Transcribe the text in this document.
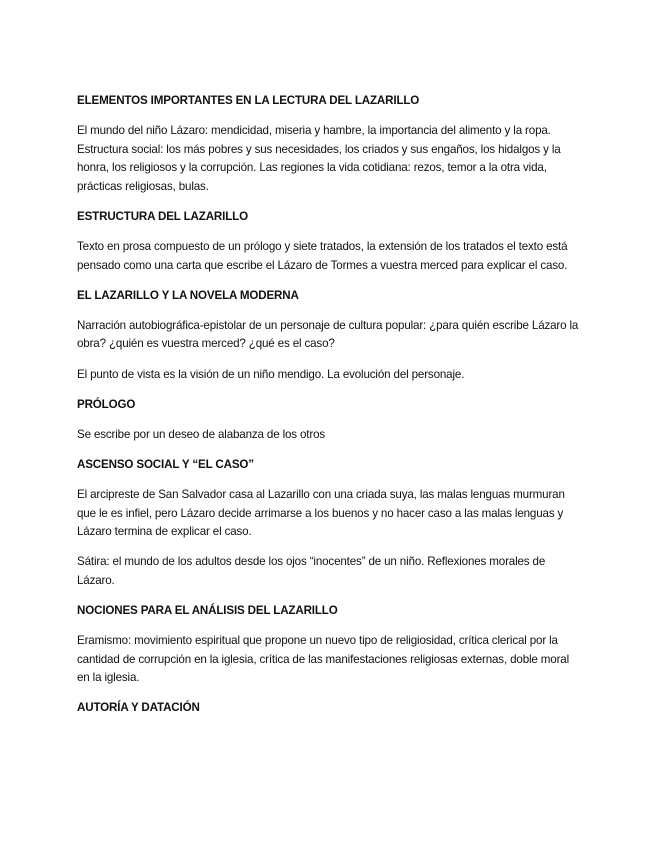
ELEMENTOS IMPORTANTES EN LA LECTURA DEL LAZARILLO

El mundo del niño Lázaro: mendicidad, miseria y hambre, la importancia del alimento y la ropa. Estructura social: los más pobres y sus necesidades, los criados y sus engaños, los hidalgos y la honra, los religiosos y la corrupción. Las regiones la vida cotidiana: rezos, temor a la otra vida, prácticas religiosas, bulas.

ESTRUCTURA DEL LAZARILLO

Texto en prosa compuesto de un prólogo y siete tratados, la extensión de los tratados el texto está pensado como una carta que escribe el Lázaro de Tormes a vuestra merced para explicar el caso.

EL LAZARILLO Y LA NOVELA MODERNA

Narración autobiográfica-epistolar de un personaje de cultura popular: ¿para quién escribe Lázaro la obra? ¿quién es vuestra merced? ¿qué es el caso?

El punto de vista es la visión de un niño mendigo. La evolución del personaje.

PRÓLOGO

Se escribe por un deseo de alabanza de los otros

ASCENSO SOCIAL Y “EL CASO”

El arcipreste de San Salvador casa al Lazarillo con una criada suya, las malas lenguas murmuran que le es infiel, pero Lázaro decide arrimarse a los buenos y no hacer caso a las malas lenguas y Lázaro termina de explicar el caso.

Sátira: el mundo de los adultos desde los ojos “inocentes” de un niño. Reflexiones morales de Lázaro.

NOCIONES PARA EL ANÁLISIS DEL LAZARILLO

Eramismo: movimiento espiritual que propone un nuevo tipo de religiosidad, crítica clerical por la cantidad de corrupción en la iglesia, crítica de las manifestaciones religiosas externas, doble moral en la iglesia.

AUTORÍA Y DATACIÓN
